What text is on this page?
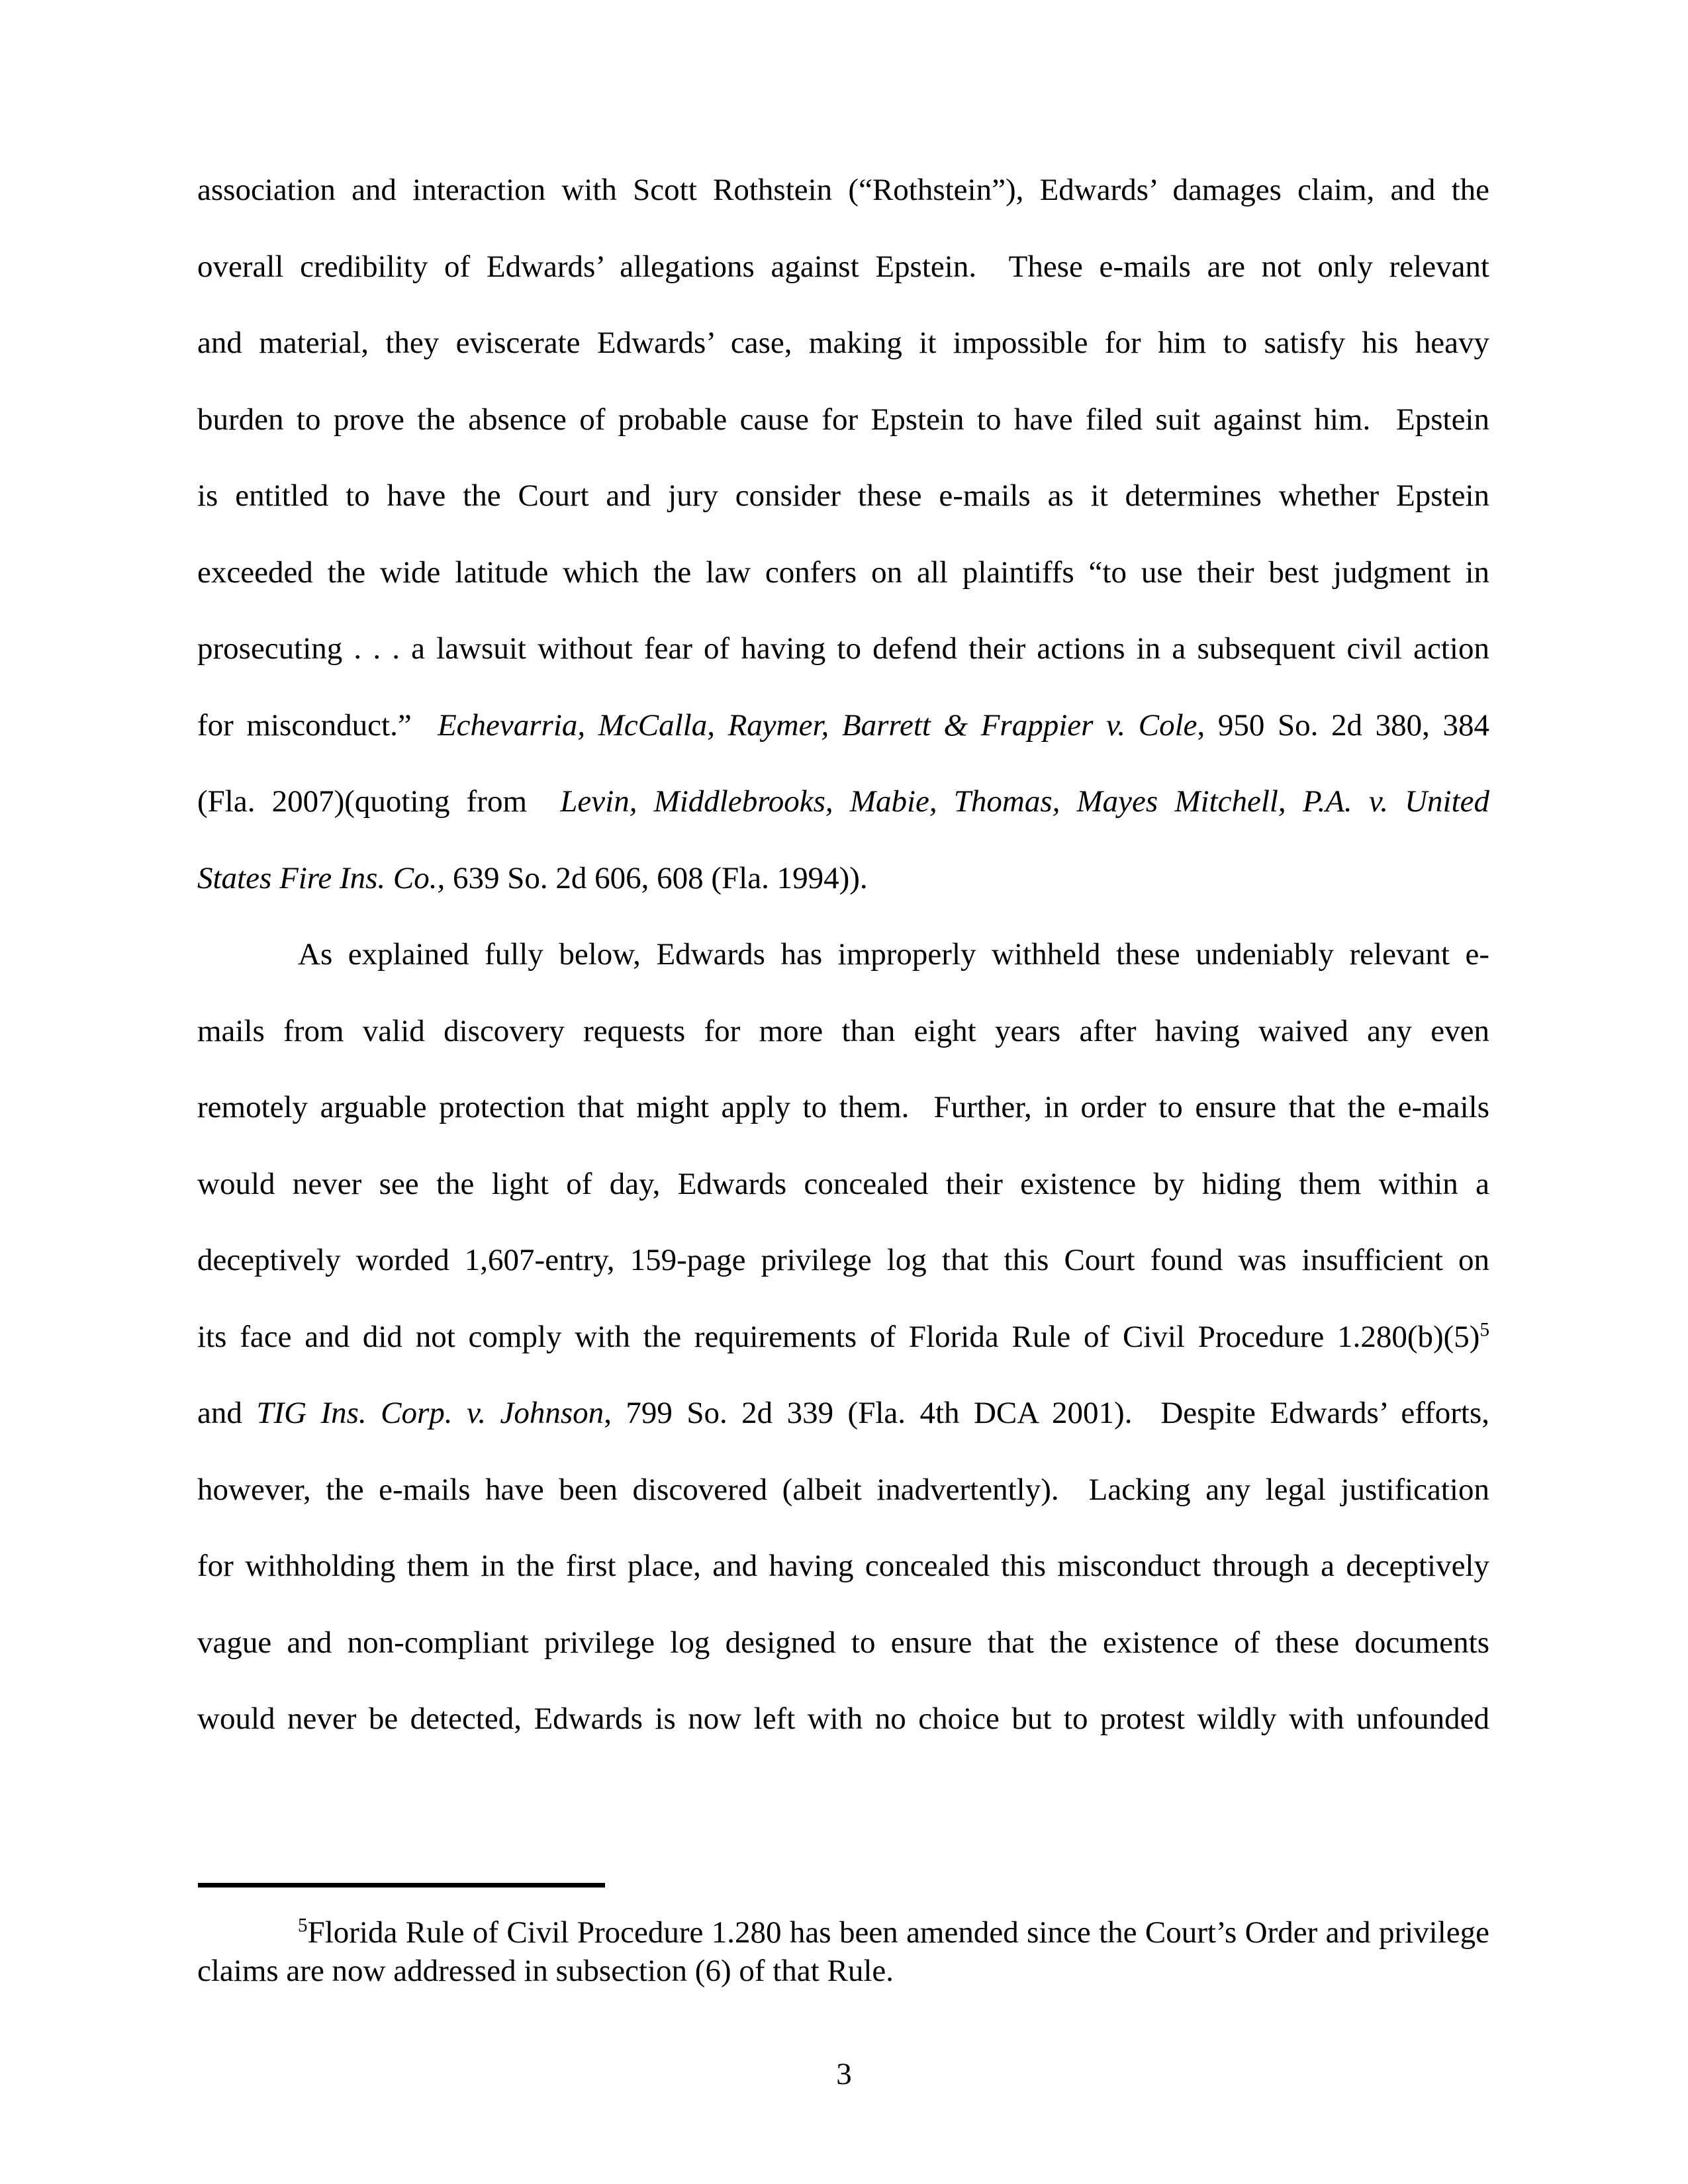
association and interaction with Scott Rothstein (“Rothstein”), Edwards’ damages claim, and the
overall credibility of Edwards’ allegations against Epstein.  These e-mails are not only relevant
and material, they eviscerate Edwards’ case, making it impossible for him to satisfy his heavy
burden to prove the absence of probable cause for Epstein to have filed suit against him.  Epstein
is entitled to have the Court and jury consider these e-mails as it determines whether Epstein
exceeded the wide latitude which the law confers on all plaintiffs “to use their best judgment in
prosecuting . . . a lawsuit without fear of having to defend their actions in a subsequent civil action
for misconduct.”  Echevarria, McCalla, Raymer, Barrett & Frappier v. Cole, 950 So. 2d 380, 384
(Fla. 2007)(quoting from  Levin, Middlebrooks, Mabie, Thomas, Mayes Mitchell, P.A. v. United
States Fire Ins. Co., 639 So. 2d 606, 608 (Fla. 1994)).
As explained fully below, Edwards has improperly withheld these undeniably relevant e-
mails from valid discovery requests for more than eight years after having waived any even
remotely arguable protection that might apply to them.  Further, in order to ensure that the e-mails
would never see the light of day, Edwards concealed their existence by hiding them within a
deceptively worded 1,607-entry, 159-page privilege log that this Court found was insufficient on
its face and did not comply with the requirements of Florida Rule of Civil Procedure $1.280(b)(5)^5$
and TIG Ins. Corp. v. Johnson, 799 So. 2d 339 (Fla. 4th DCA 2001).  Despite Edwards’ efforts,
however, the e-mails have been discovered (albeit inadvertently).  Lacking any legal justification
for withholding them in the first place, and having concealed this misconduct through a deceptively
vague and non-compliant privilege log designed to ensure that the existence of these documents
would never be detected, Edwards is now left with no choice but to protest wildly with unfounded
$^5$Florida Rule of Civil Procedure 1.280 has been amended since the Court’s Order and privilege
claims are now addressed in subsection (6) of that Rule.
3
